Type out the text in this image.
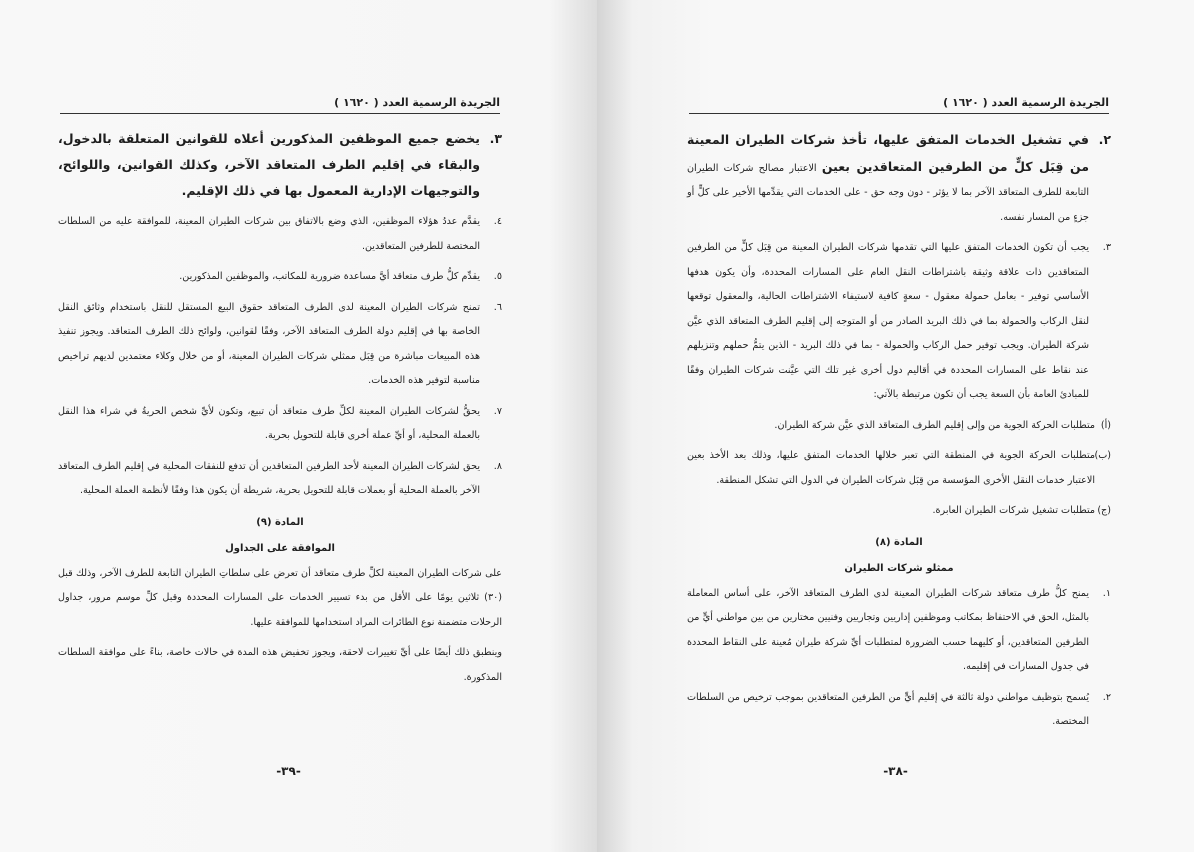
الجريدة الرسمية العدد ( ١٦٢٠ )
٣.
يخضع جميع الموظفين المذكورين أعلاه للقوانين المتعلقة بالدخول، والبقاء في إقليم الطرف المتعاقد الآخر، وكذلك القوانين، واللوائح، والتوجيهات الإدارية المعمول بها في ذلك الإقليم.
٤.
يقدَّم عددُ هؤلاء الموظفين، الذي وضع بالاتفاق بين شركات الطيران المعينة، للموافقة عليه من السلطات المختصة للطرفين المتعاقدين.
٥.
يقدِّم كلُّ طرف متعاقد أيَّ مساعدة ضرورية للمكاتب، والموظفين المذكورين.
٦.
تمنح شركات الطيران المعينة لدى الطرف المتعاقد حقوق البيع المستقل للنقل باستخدام وثائق النقل الخاصة بها في إقليم دولة الطرف المتعاقد الآخر، وفقًا لقوانين، ولوائح ذلك الطرف المتعاقد. ويجوز تنفيذ هذه المبيعات مباشرة من قِبَل ممثلي شركات الطيران المعينة، أو من خلال وكلاء معتمدين لديهم تراخيص مناسبة لتوفير هذه الخدمات.
٧.
يحقُّ لشركات الطيران المعينة لكلِّ طرف متعاقد أن تبيع، وتكون لأيِّ شخص الحريةُ في شراء هذا النقل بالعملة المحلية، أو أيِّ عملة أخرى قابلة للتحويل بحرية.
٨.
يحق لشركات الطيران المعينة لأحد الطرفين المتعاقدين أن تدفع للنفقات المحلية في إقليم الطرف المتعاقد الآخر بالعملة المحلية أو بعملات قابلة للتحويل بحرية، شريطة أن يكون هذا وفقًا لأنظمة العملة المحلية.
المادة (٩)
الموافقة على الجداول
على شركات الطيران المعينة لكلِّ طرف متعاقد أن تعرض على سلطاتِ الطيران التابعة للطرف الآخر، وذلك قبل (٣٠) ثلاثين يومًا على الأقل من بدء تسيير الخدمات على المسارات المحددة وقبل كلِّ موسم مرور، جداول الرحلات متضمنة نوع الطائرات المراد استخدامها للموافقة عليها.
وينطبق ذلك أيضًا على أيِّ تغييرات لاحقة، ويجوز تخفيض هذه المدة في حالات خاصة، بناءً على موافقة السلطات المذكورة.
-٣٩-
الجريدة الرسمية العدد ( ١٦٢٠ )
٢.
في تشغيل الخدمات المتفق عليها، تأخذ شركات الطيران المعينة من قِبَل كلٍّ من الطرفين المتعاقدين بعين الاعتبار مصالح شركات الطيران التابعة للطرف المتعاقد الآخر بما لا يؤثر - دون وجه حق - على الخدمات التي يقدِّمها الأخير على كلٍّ أو جزءٍ من المسار نفسه.
٣.
يجب أن تكون الخدمات المتفق عليها التي تقدمها شركات الطيران المعينة من قِبَل كلٍّ من الطرفين المتعاقدين ذات علاقة وثيقة باشتراطات النقل العام على المسارات المحددة، وأن يكون هدفها الأساسي توفير - بعامل حمولة معقول - سعةٍ كافية لاستيفاء الاشتراطات الحالية، والمعقول توقعها لنقل الركاب والحمولة بما في ذلك البريد الصادر من أو المتوجه إلى إقليم الطرف المتعاقد الذي عيَّن شركة الطيران. ويجب توفير حمل الركاب والحمولة - بما في ذلك البريد - الذين يتمُّ حملهم وتنزيلهم عند نقاط على المسارات المحددة في أقاليم دول أخرى غير تلك التي عيَّنت شركات الطيران وفقًا للمبادئ العامة بأن السعة يجب أن تكون مرتبطة بالآتي:
(أ)
متطلبات الحركة الجوية من وإلى إقليم الطرف المتعاقد الذي عيَّن شركة الطيران.
(ب)
متطلبات الحركة الجوية في المنطقة التي تعبر خلالها الخدمات المتفق عليها، وذلك بعد الأخذ بعين الاعتبار خدمات النقل الأخرى المؤسسة من قِبَل شركات الطيران في الدول التي تشكل المنطقة.
(ج)
متطلبات تشغيل شركات الطيران العابرة.
المادة (٨)
ممثلو شركات الطيران
١.
يمنح كلُّ طرف متعاقد شركات الطيران المعينة لدى الطرف المتعاقد الآخر، على أساس المعاملة بالمثل، الحق في الاحتفاظ بمكاتب وموظفين إداريين وتجاريين وفنيين مختارين من بين مواطني أيٍّ من الطرفين المتعاقدين، أو كليهما حسب الضرورة لمتطلبات أيِّ شركة طيران مُعينة على النقاط المحددة في جدول المسارات في إقليمه.
٢.
يُسمح بتوظيف مواطني دولة ثالثة في إقليم أيٍّ من الطرفين المتعاقدين بموجب ترخيص من السلطات المختصة.
-٣٨-
